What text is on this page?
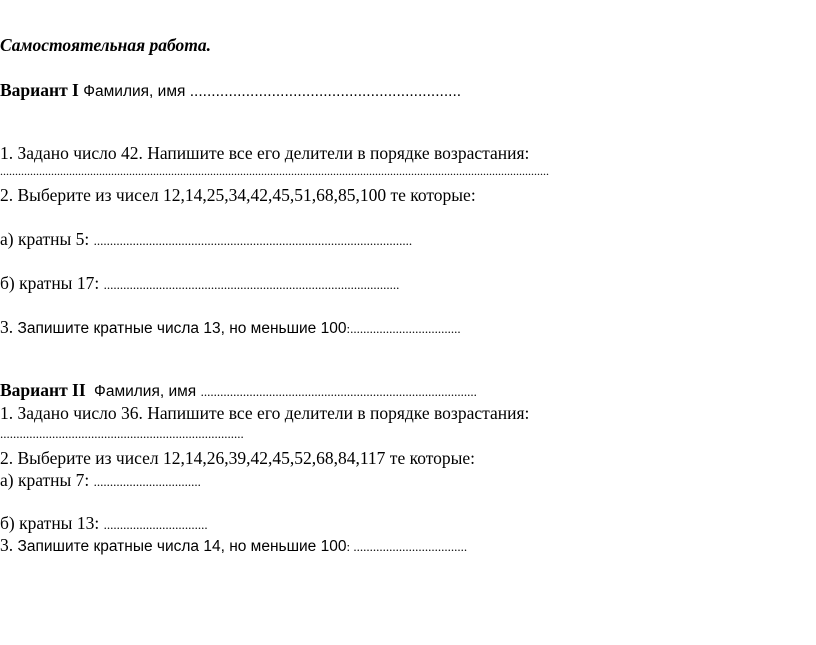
Самостоятельная работа.
Вариант I Фамилия, имя ...............................................................
1. Задано число 42. Напишите все его делители в порядке возрастания:
.......................................................................................................................................................................................
2. Выберите из чисел 12,14,25,34,42,45,51,68,85,100 те которые:
а) кратны 5: ..................................................................................................
б) кратны 17: ...........................................................................................
3. Запишите кратные числа 13, но меньшие 100:..................................
Вариант II Фамилия, имя .....................................................................................
1. Задано число 36. Напишите все его делители в порядке возрастания:
...........................................................................
2. Выберите из чисел 12,14,26,39,42,45,52,68,84,117 те которые:
а) кратны 7: .................................
б) кратны 13: ................................
3. Запишите кратные числа 14, но меньшие 100: ...................................
